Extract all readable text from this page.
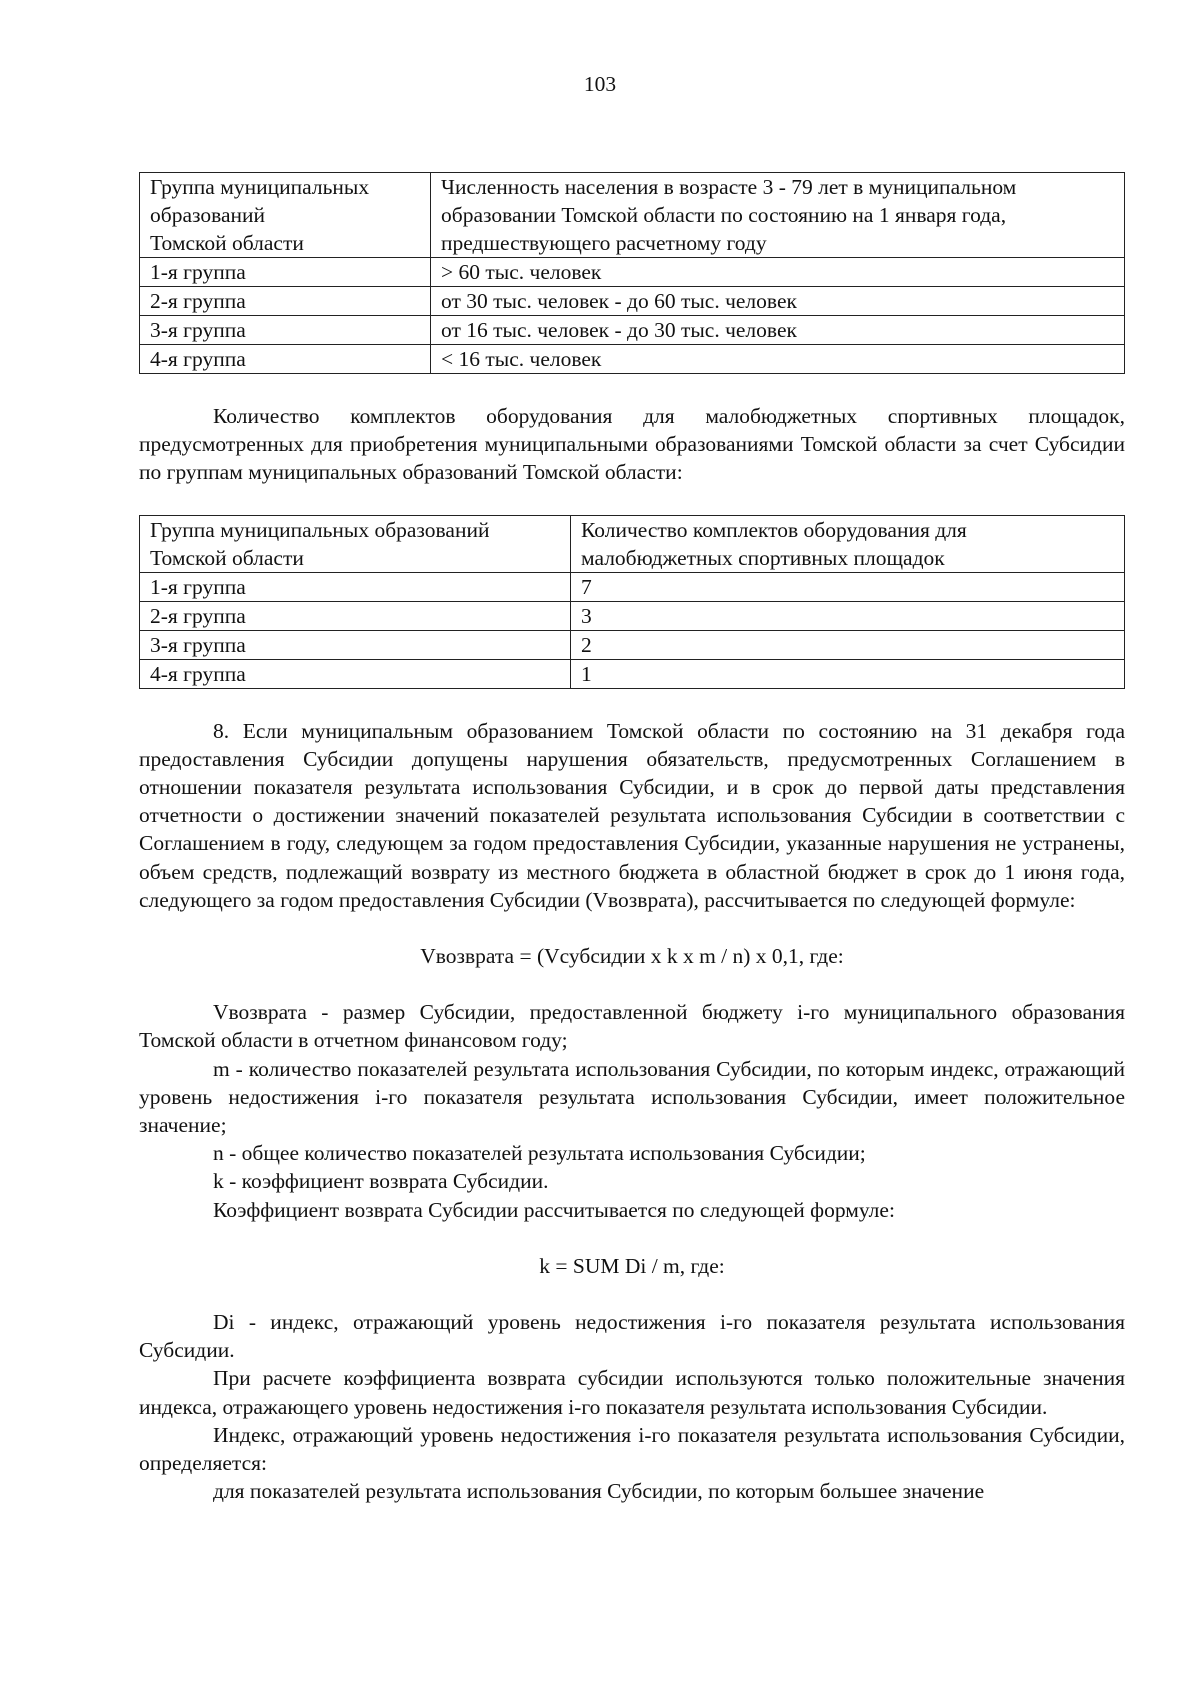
103
Группа муниципальных
образований
Томской области	Численность населения в возрасте 3 - 79 лет в муниципальном образовании Томской области по состоянию на 1 января года, предшествующего расчетному году
1-я группа	> 60 тыс. человек
2-я группа	от 30 тыс. человек - до 60 тыс. человек
3-я группа	от 16 тыс. человек - до 30 тыс. человек
4-я группа	< 16 тыс. человек

Количество комплектов оборудования для малобюджетных спортивных площадок, предусмотренных для приобретения муниципальными образованиями Томской области за счет Субсидии по группам муниципальных образований Томской области:

Группа муниципальных образований Томской области	Количество комплектов оборудования для малобюджетных спортивных площадок
1-я группа	7
2-я группа	3
3-я группа	2
4-я группа	1

8. Если муниципальным образованием Томской области по состоянию на 31 декабря года предоставления Субсидии допущены нарушения обязательств, предусмотренных Соглашением в отношении показателя результата использования Субсидии, и в срок до первой даты представления отчетности о достижении значений показателей результата использования Субсидии в соответствии с Соглашением в году, следующем за годом предоставления Субсидии, указанные нарушения не устранены, объем средств, подлежащий возврату из местного бюджета в областной бюджет в срок до 1 июня года, следующего за годом предоставления Субсидии (Vвозврата), рассчитывается по следующей формуле:

Vвозврата = (Vсубсидии x k x m / n) x 0,1, где:

Vвозврата - размер Субсидии, предоставленной бюджету i-го муниципального образования Томской области в отчетном финансовом году;

m - количество показателей результата использования Субсидии, по которым индекс, отражающий уровень недостижения i-го показателя результата использования Субсидии, имеет положительное значение;

n - общее количество показателей результата использования Субсидии;

k - коэффициент возврата Субсидии.

Коэффициент возврата Субсидии рассчитывается по следующей формуле:

k = SUM Di / m, где:

Di - индекс, отражающий уровень недостижения i-го показателя результата использования Субсидии.

При расчете коэффициента возврата субсидии используются только положительные значения индекса, отражающего уровень недостижения i-го показателя результата использования Субсидии.

Индекс, отражающий уровень недостижения i-го показателя результата использования Субсидии, определяется:

для показателей результата использования Субсидии, по которым большее значение
